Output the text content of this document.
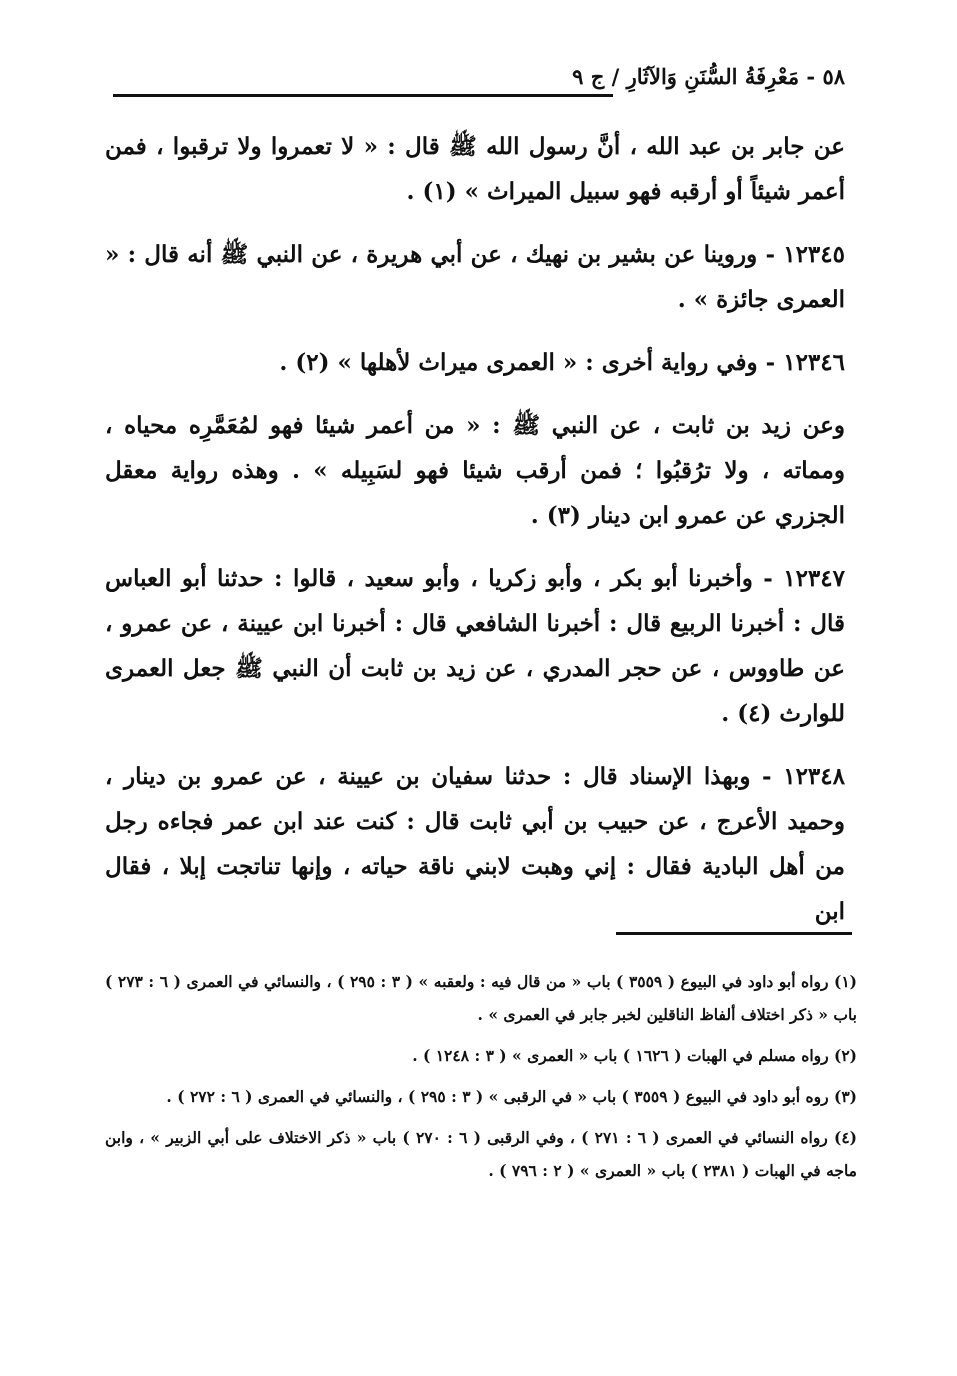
٥٨ - مَعْرِفَةُ السُّنَنِ وَالآثَارِ / ج ٩

عن جابر بن عبد الله ، أنَّ رسول الله ﷺ قال : « لا تعمروا ولا ترقبوا ، فمن أعمر شيئاً أو أرقبه فهو سبيل الميراث » (١) .

١٢٣٤٥ - وروينا عن بشير بن نهيك ، عن أبي هريرة ، عن النبي ﷺ أنه قال : « العمرى جائزة » .

١٢٣٤٦ - وفي رواية أخرى : « العمرى ميراث لأهلها » (٢) .

وعن زيد بن ثابت ، عن النبي ﷺ : « من أعمر شيئا فهو لمُعَمَّرِه محياه ، ومماته ، ولا ترُقبُوا ؛ فمن أرقب شيئا فهو لسَبِيله » . وهذه رواية معقل الجزري عن عمرو ابن دينار (٣) .

١٢٣٤٧ - وأخبرنا أبو بكر ، وأبو زكريا ، وأبو سعيد ، قالوا : حدثنا أبو العباس قال : أخبرنا الربيع قال : أخبرنا الشافعي قال : أخبرنا ابن عيينة ، عن عمرو ، عن طاووس ، عن حجر المدري ، عن زيد بن ثابت أن النبي ﷺ جعل العمرى للوارث (٤) .

١٢٣٤٨ - وبهذا الإسناد قال : حدثنا سفيان بن عيينة ، عن عمرو بن دينار ، وحميد الأعرج ، عن حبيب بن أبي ثابت قال : كنت عند ابن عمر فجاءه رجل من أهل البادية فقال : إني وهبت لابني ناقة حياته ، وإنها تناتجت إبلا ، فقال ابن

(١) رواه أبو داود في البيوع ( ٣٥٥٩ ) باب « من قال فيه : ولعقبه » ( ٣ : ٢٩٥ ) ، والنسائي في العمرى ( ٦ : ٢٧٣ ) باب « ذكر اختلاف ألفاظ الناقلين لخبر جابر في العمرى » .
(٢) رواه مسلم في الهبات ( ١٦٢٦ ) باب « العمرى » ( ٣ : ١٢٤٨ ) .
(٣) روه أبو داود في البيوع ( ٣٥٥٩ ) باب « في الرقبى » ( ٣ : ٢٩٥ ) ، والنسائي في العمرى ( ٦ : ٢٧٢ ) .
(٤) رواه النسائي في العمرى ( ٦ : ٢٧١ ) ، وفي الرقبى ( ٦ : ٢٧٠ ) باب « ذكر الاختلاف على أبي الزبير » ، وابن ماجه في الهبات ( ٢٣٨١ ) باب « العمرى » ( ٢ : ٧٩٦ ) .
